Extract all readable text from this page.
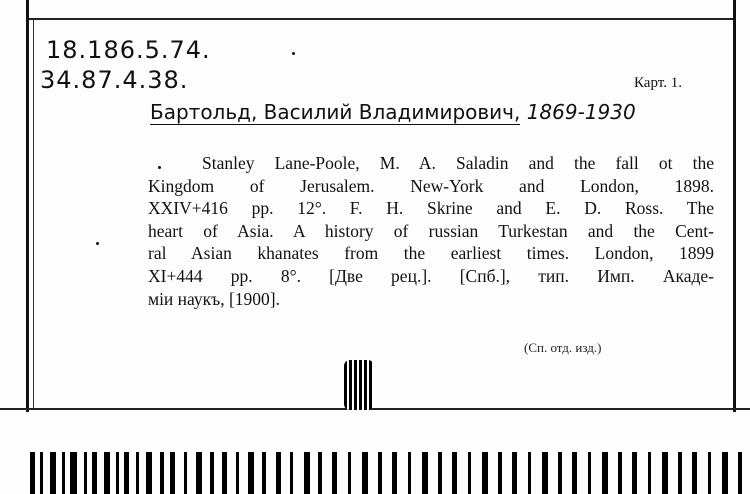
18.186.5.74.
34.87.4.38.	Карт. 1.
Бартольд, Василий Владимирович, 1869-1930
Stanley Lane-Poole, M. A. Saladin and the fall ot the
Kingdom of Jerusalem. New-York and London, 1898.
XXIV+416 pp. 12°. F. H. Skrine and E. D. Ross. The
heart of Asia. A history of russian Turkestan and the Cent-
ral Asian khanates from the earliest times. London, 1899
XI+444 pp. 8°. [Две рец.]. [Спб.], тип. Имп. Акаде-
міи наукъ, [1900].
(Сп. отд. изд.)
